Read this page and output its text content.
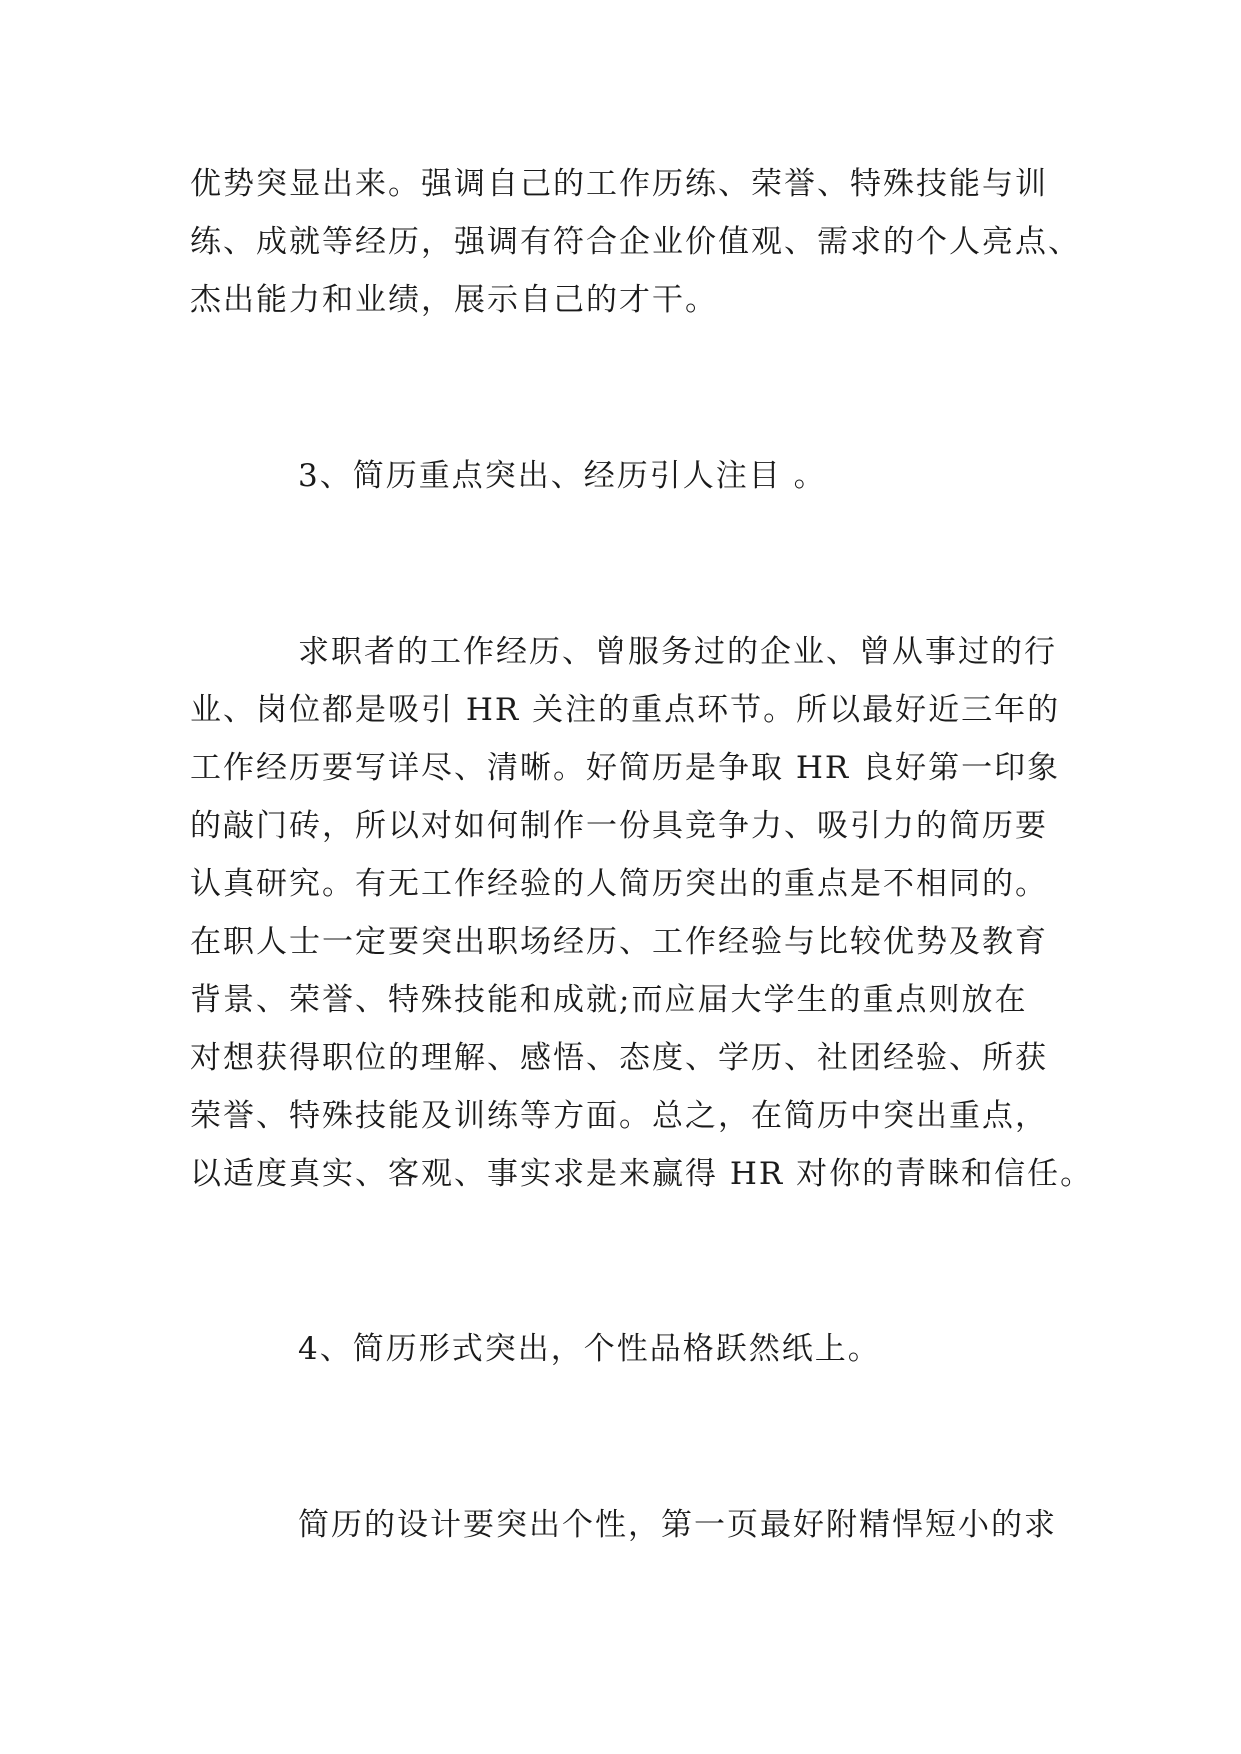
优势突显出来。强调自己的工作历练、荣誉、特殊技能与训
练、成就等经历，强调有符合企业价值观、需求的个人亮点、
杰出能力和业绩，展示自己的才干。
3、简历重点突出、经历引人注目 。
求职者的工作经历、曾服务过的企业、曾从事过的行
业、岗位都是吸引 HR 关注的重点环节。所以最好近三年的
工作经历要写详尽、清晰。好简历是争取 HR 良好第一印象
的敲门砖，所以对如何制作一份具竞争力、吸引力的简历要
认真研究。有无工作经验的人简历突出的重点是不相同的。
在职人士一定要突出职场经历、工作经验与比较优势及教育
背景、荣誉、特殊技能和成就;而应届大学生的重点则放在
对想获得职位的理解、感悟、态度、学历、社团经验、所获
荣誉、特殊技能及训练等方面。总之，在简历中突出重点，
以适度真实、客观、事实求是来赢得 HR 对你的青睐和信任。
4、简历形式突出，个性品格跃然纸上。
简历的设计要突出个性，第一页最好附精悍短小的求
